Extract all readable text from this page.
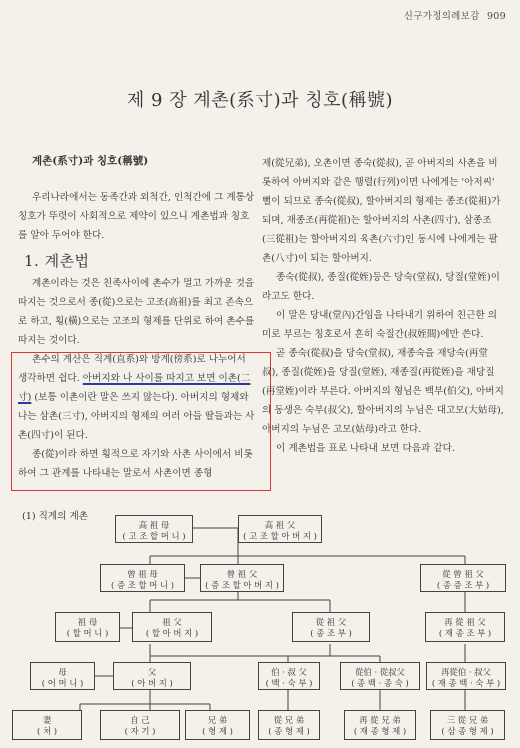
신구가정의례보감 909
제 9 장 계촌(系寸)과 칭호(稱號)
계촌(系寸)과 칭호(稱號)

우리나라에서는 동족간과 외척간, 인척간에 그 계통상 칭호가 뚜렷이 사회적으로 제약이 있으니 계촌법과 칭호를 알아 두어야 한다.

1. 계촌법

계촌이라는 것은 친족사이에 촌수가 멀고 가까운 것을 따지는 것으로서 종(從)으로는 고조(高祖)를 최고 존속으로 하고, 횡(橫)으로는 고조의 형제를 단위로 하여 촌수를 따지는 것이다.

촌수의 계산은 직계(直系)와 방계(傍系)로 나누어서 생각하면 쉽다. 아버지와 나 사이를 따지고 보면 이촌(二寸) (보통 이촌이란 말은 쓰지 않는다). 아버지의 형제와 나는 삼촌(三寸), 아버지의 형제의 여러 아들 딸들과는 사촌(四寸)이 된다.

종(從)이라 하면 횡적으로 자기와 사촌 사이에서 비롯하여 그 관계를 나타내는 말로서 사촌이면 종형

제(從兄弟), 오촌이면 종숙(從叔), 곧 아버지의 사촌을 비롯하여 아버지와 같은 행렬(行列)이면 나에게는 '아저씨' 뻘이 되므로 종숙(從叔), 할아버지의 형제는 종조(從祖)가 되며, 재종조(再從祖)는 할아버지의 사촌(四寸), 삼종조(三從祖)는 할아버지의 육촌(六寸)인 동시에 나에게는 팔촌(八寸)이 되는 할아버지.

종숙(從叔), 종질(從姪)등은 당숙(堂叔), 당질(堂姪)이라고도 한다.

이 말은 당내(堂內)간임을 나타내기 위하여 친근한 의미로 부르는 칭호로서 흔히 숙질간(叔姪間)에만 쓴다.

곧 종숙(從叔)을 당숙(堂叔), 재종숙을 재당숙(再堂叔), 종질(從姪)을 당질(堂姪), 재종질(再從姪)을 재당질(再堂姪)이라 부른다. 아버지의 형님은 백부(伯父), 아버지의 동생은 숙부(叔父), 할아버지의 누님은 대고모(大姑母), 아버지의 누님은 고모(姑母)라고 한다.

이 계촌법을 표로 나타내 보면 다음과 같다.

(1) 직계의 계촌
高 祖 母
( 고 조 할 머 니 )
高 祖 父
( 고 조 할 아 버 지 )
曾 祖 母
( 증 조 할 머 니 )
曾 祖 父
( 증 조 할 아 버 지 )
從 曾 祖 父
( 종 증 조 부 )
祖 母
( 할 머 니 )
祖 父
( 할 아 버 지 )
從 祖 父
( 종 조 부 )
再 從 祖 父
( 재 종 조 부 )
母
( 어 머 니 )
父
( 아 버 지 )
伯 · 叔 父
( 백 · 숙 부 )
從伯 · 從叔父
( 종 백 · 종 숙 )
再從伯 · 叔父
( 재 종 백 · 숙 부 )
妻
( 처 )
自 己
( 자 기 )
兄 弟
( 형 제 )
從 兄 弟
( 종 형 제 )
再 從 兄 弟
( 재 종 형 제 )
三 從 兄 弟
( 삼 종 형 제 )
